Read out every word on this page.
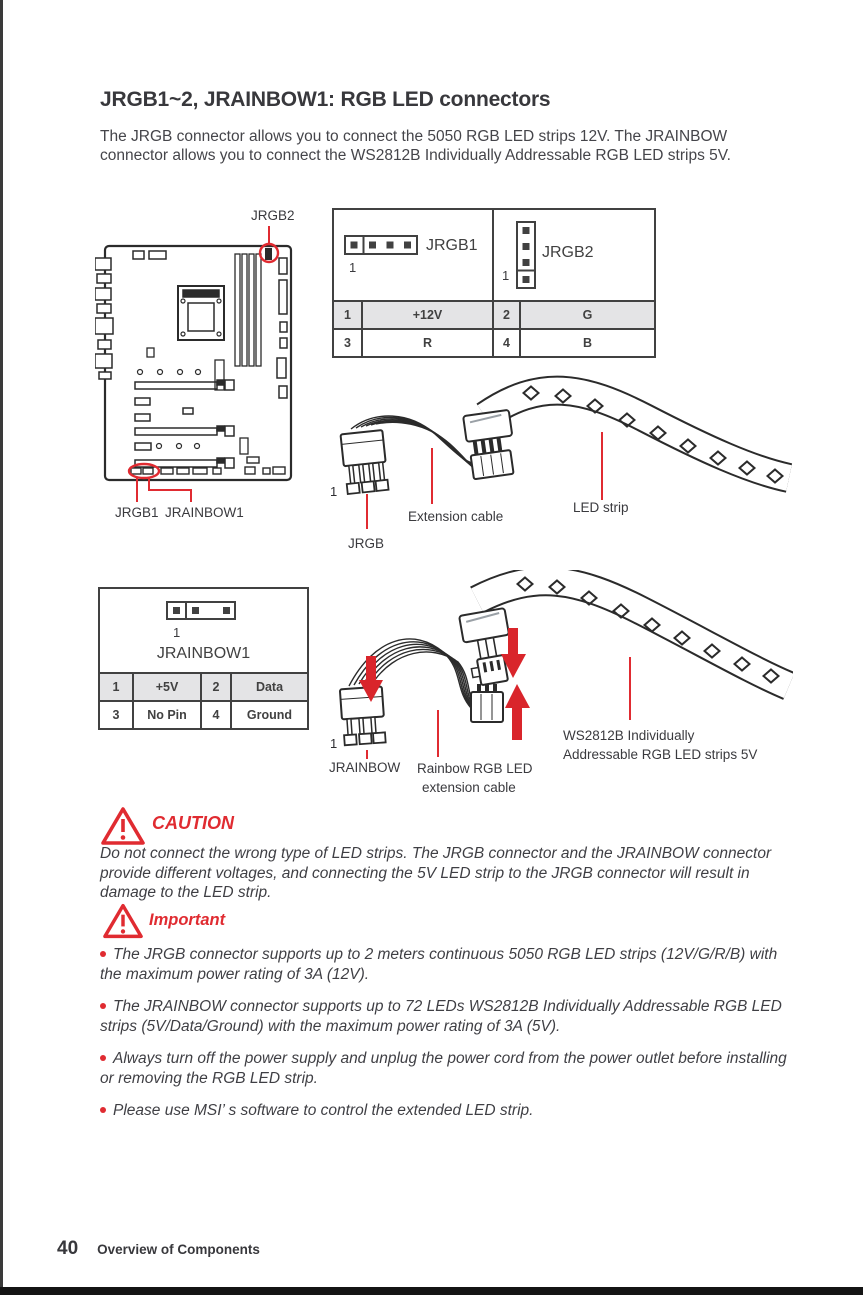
JRGB1~2, JRAINBOW1: RGB LED connectors

The JRGB connector allows you to connect the 5050 RGB LED strips 12V. The JRAINBOW connector allows you to connect the WS2812B Individually Addressable RGB LED strips 5V.

JRGB2
JRGB1 JRAINBOW1
1
JRGB1
1
JRGB2
1	+12V	2	G
3	R	4	B
1
JRGB
Extension cable
LED strip
1
JRAINBOW1
1	+5V	2	Data
3	No Pin	4	Ground
1
JRAINBOW Rainbow RGB LED
extension cable
WS2812B Individually
Addressable RGB LED strips 5V
CAUTION

Do not connect the wrong type of LED strips. The JRGB connector and the JRAINBOW connector provide different voltages, and connecting the 5V LED strip to the JRGB connector will result in damage to the LED strip.

Important

The JRGB connector supports up to 2 meters continuous 5050 RGB LED strips (12V/G/R/B) with the maximum power rating of 3A (12V).

The JRAINBOW connector supports up to 72 LEDs WS2812B Individually Addressable RGB LED strips (5V/Data/Ground) with the maximum power rating of 3A (5V).

Always turn off the power supply and unplug the power cord from the power outlet before installing or removing the RGB LED strip.

Please use MSI’ s software to control the extended LED strip.

40 Overview of Components
